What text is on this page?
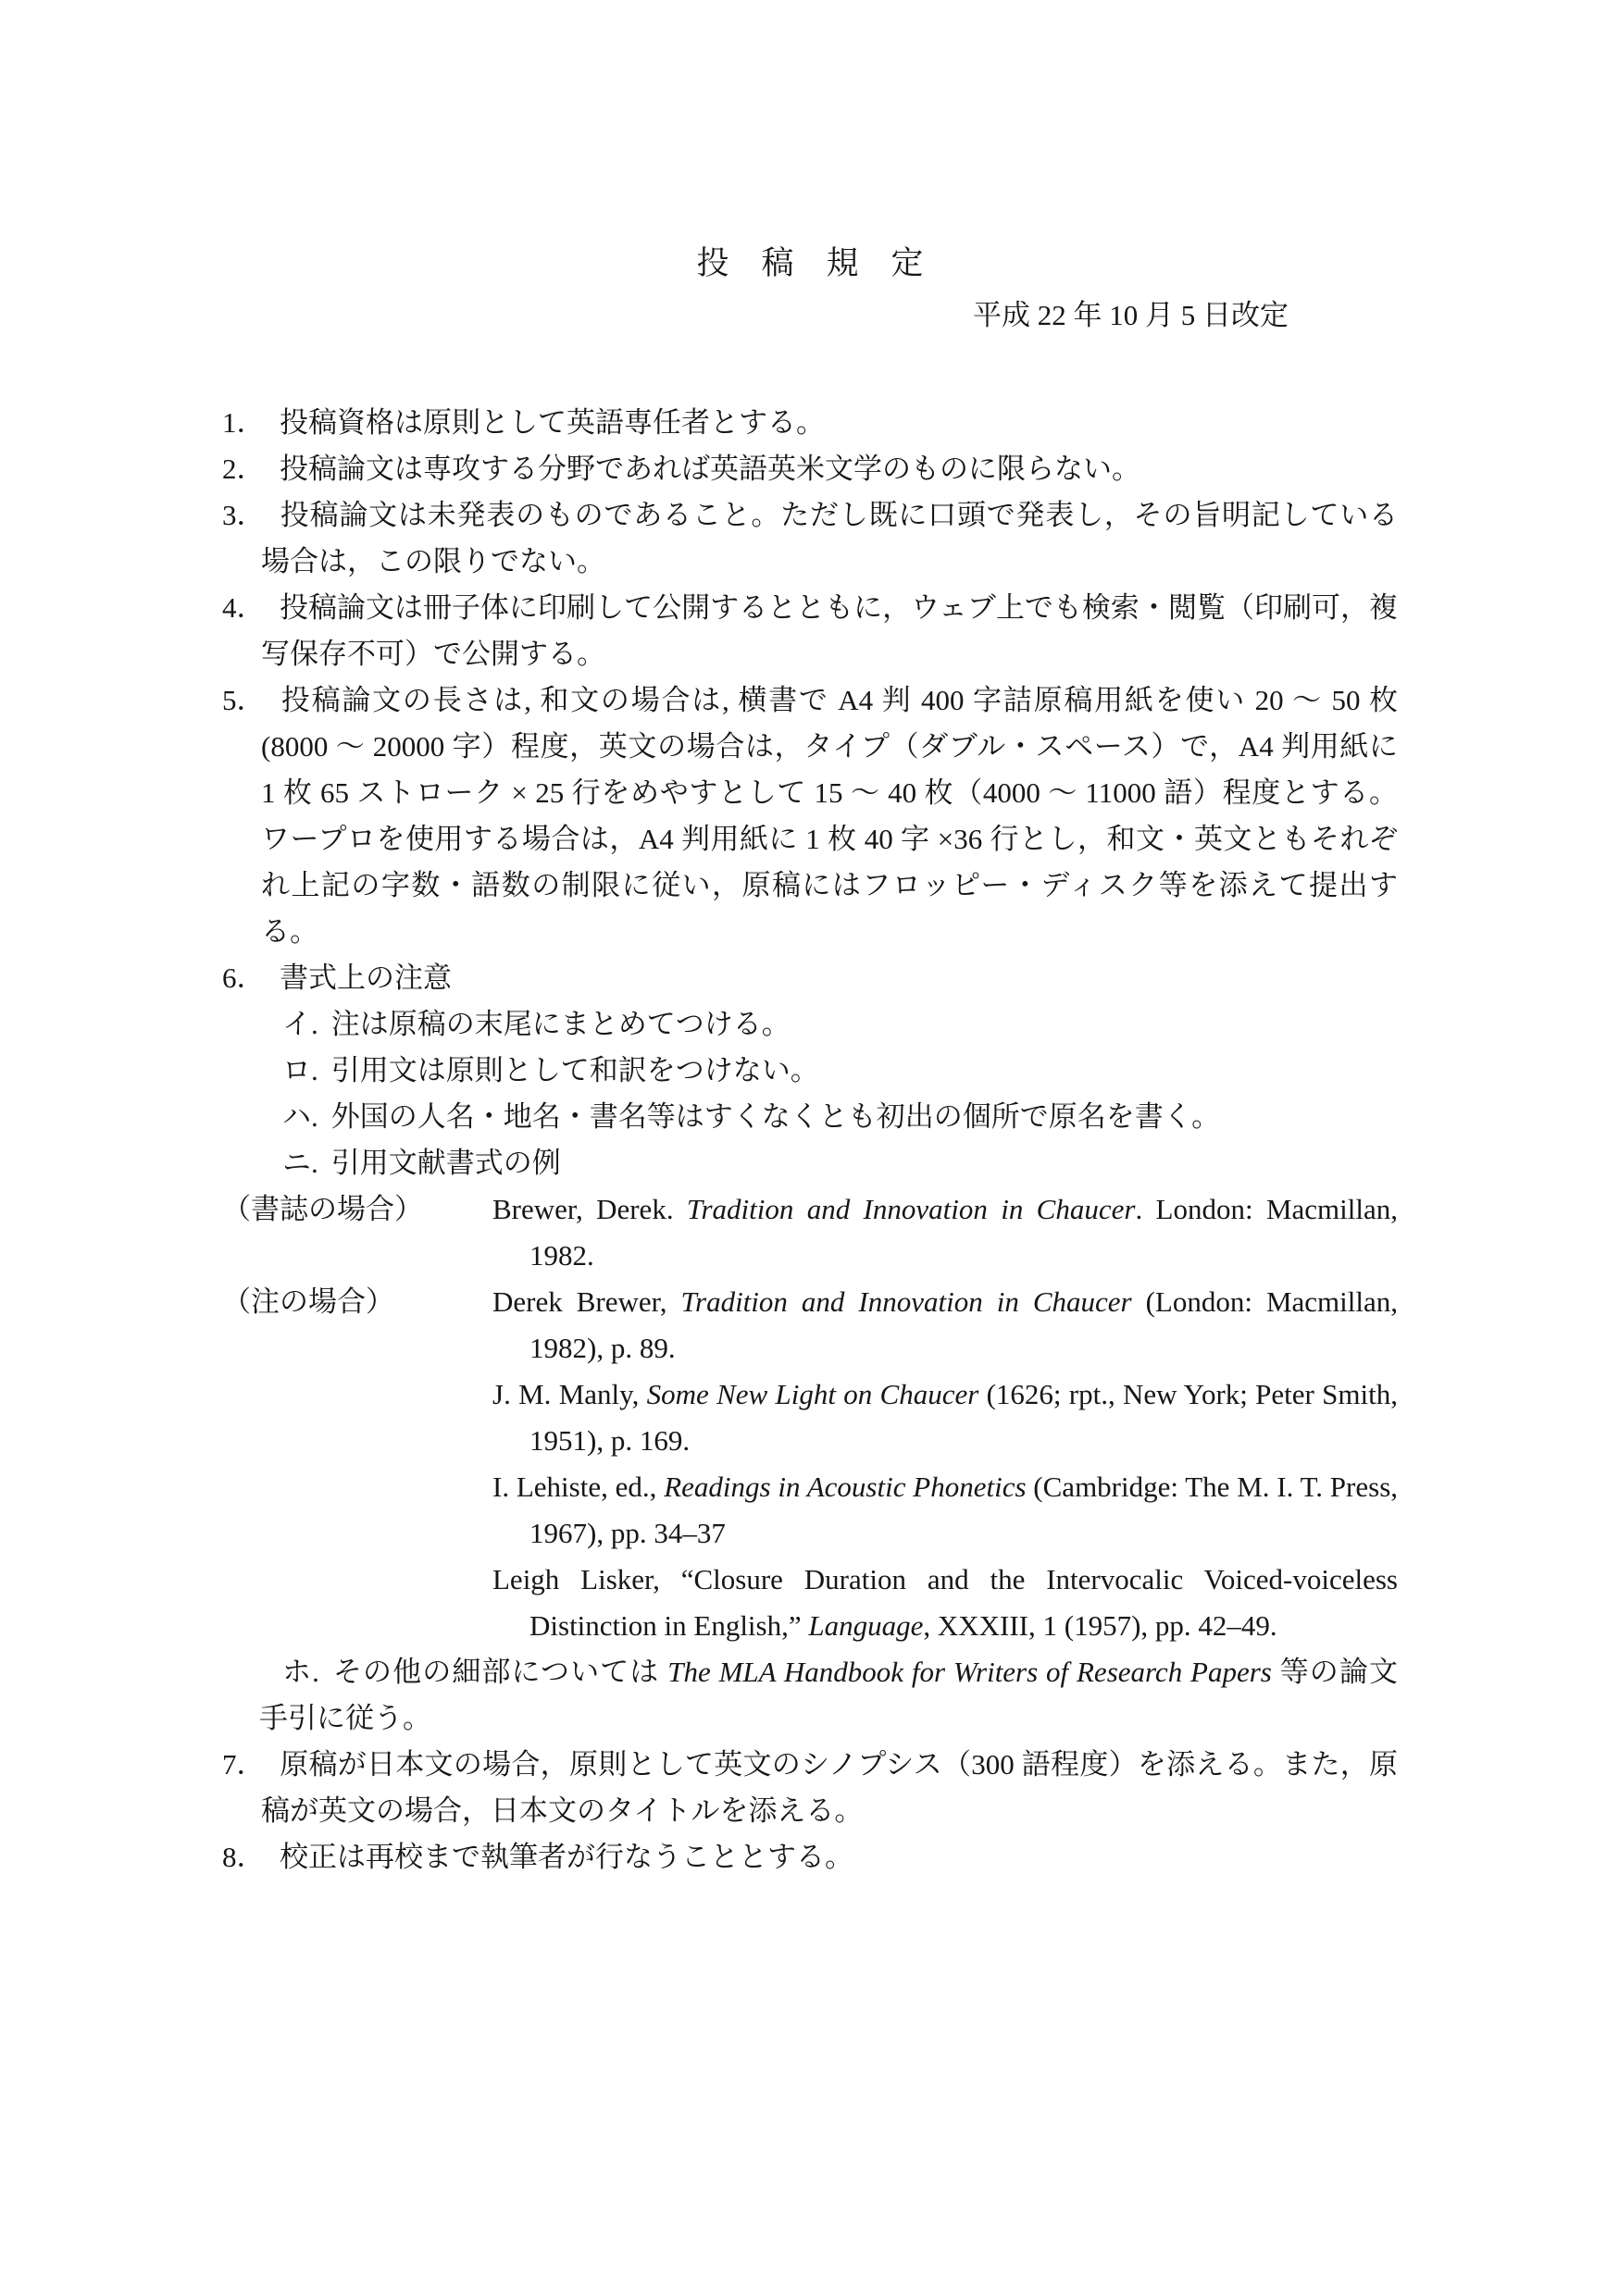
投　稿　規　定
平成 22 年 10 月 5 日改定
1． 投稿資格は原則として英語専任者とする。
2． 投稿論文は専攻する分野であれば英語英米文学のものに限らない。
3． 投稿論文は未発表のものであること。ただし既に口頭で発表し，その旨明記している場合は，この限りでない。
4． 投稿論文は冊子体に印刷して公開するとともに，ウェブ上でも検索・閲覧（印刷可，複写保存不可）で公開する。
5． 投稿論文の長さは, 和文の場合は, 横書で A4 判 400 字詰原稿用紙を使い 20 ～ 50 枚(8000 ～ 20000 字）程度，英文の場合は，タイプ（ダブル・スペース）で，A4 判用紙に 1 枚 65 ストローク × 25 行をめやすとして 15 ～ 40 枚（4000 ～ 11000 語）程度とする。ワープロを使用する場合は，A4 判用紙に 1 枚 40 字 ×36 行とし，和文・英文ともそれぞれ上記の字数・語数の制限に従い，原稿にはフロッピー・ディスク等を添えて提出する。
6． 書式上の注意
イ. 注は原稿の末尾にまとめてつける。
ロ. 引用文は原則として和訳をつけない。
ハ. 外国の人名・地名・書名等はすくなくとも初出の個所で原名を書く。
ニ. 引用文献書式の例
（書誌の場合）	Brewer, Derek. Tradition and Innovation in Chaucer. London: Macmillan, 1982.
（注の場合）	Derek Brewer, Tradition and Innovation in Chaucer (London: Macmillan, 1982), p. 89.
J. M. Manly, Some New Light on Chaucer (1626; rpt., New York; Peter Smith, 1951), p. 169.
I. Lehiste, ed., Readings in Acoustic Phonetics (Cambridge: The M. I. T. Press, 1967), pp. 34–37
Leigh Lisker, “Closure Duration and the Intervocalic Voiced-voiceless Distinction in English,” Language, XXXIII, 1 (1957), pp. 42–49.
ホ. その他の細部については The MLA Handbook for Writers of Research Papers 等の論文手引に従う。
7． 原稿が日本文の場合，原則として英文のシノプシス（300 語程度）を添える。また，原稿が英文の場合，日本文のタイトルを添える。
8． 校正は再校まで執筆者が行なうこととする。
